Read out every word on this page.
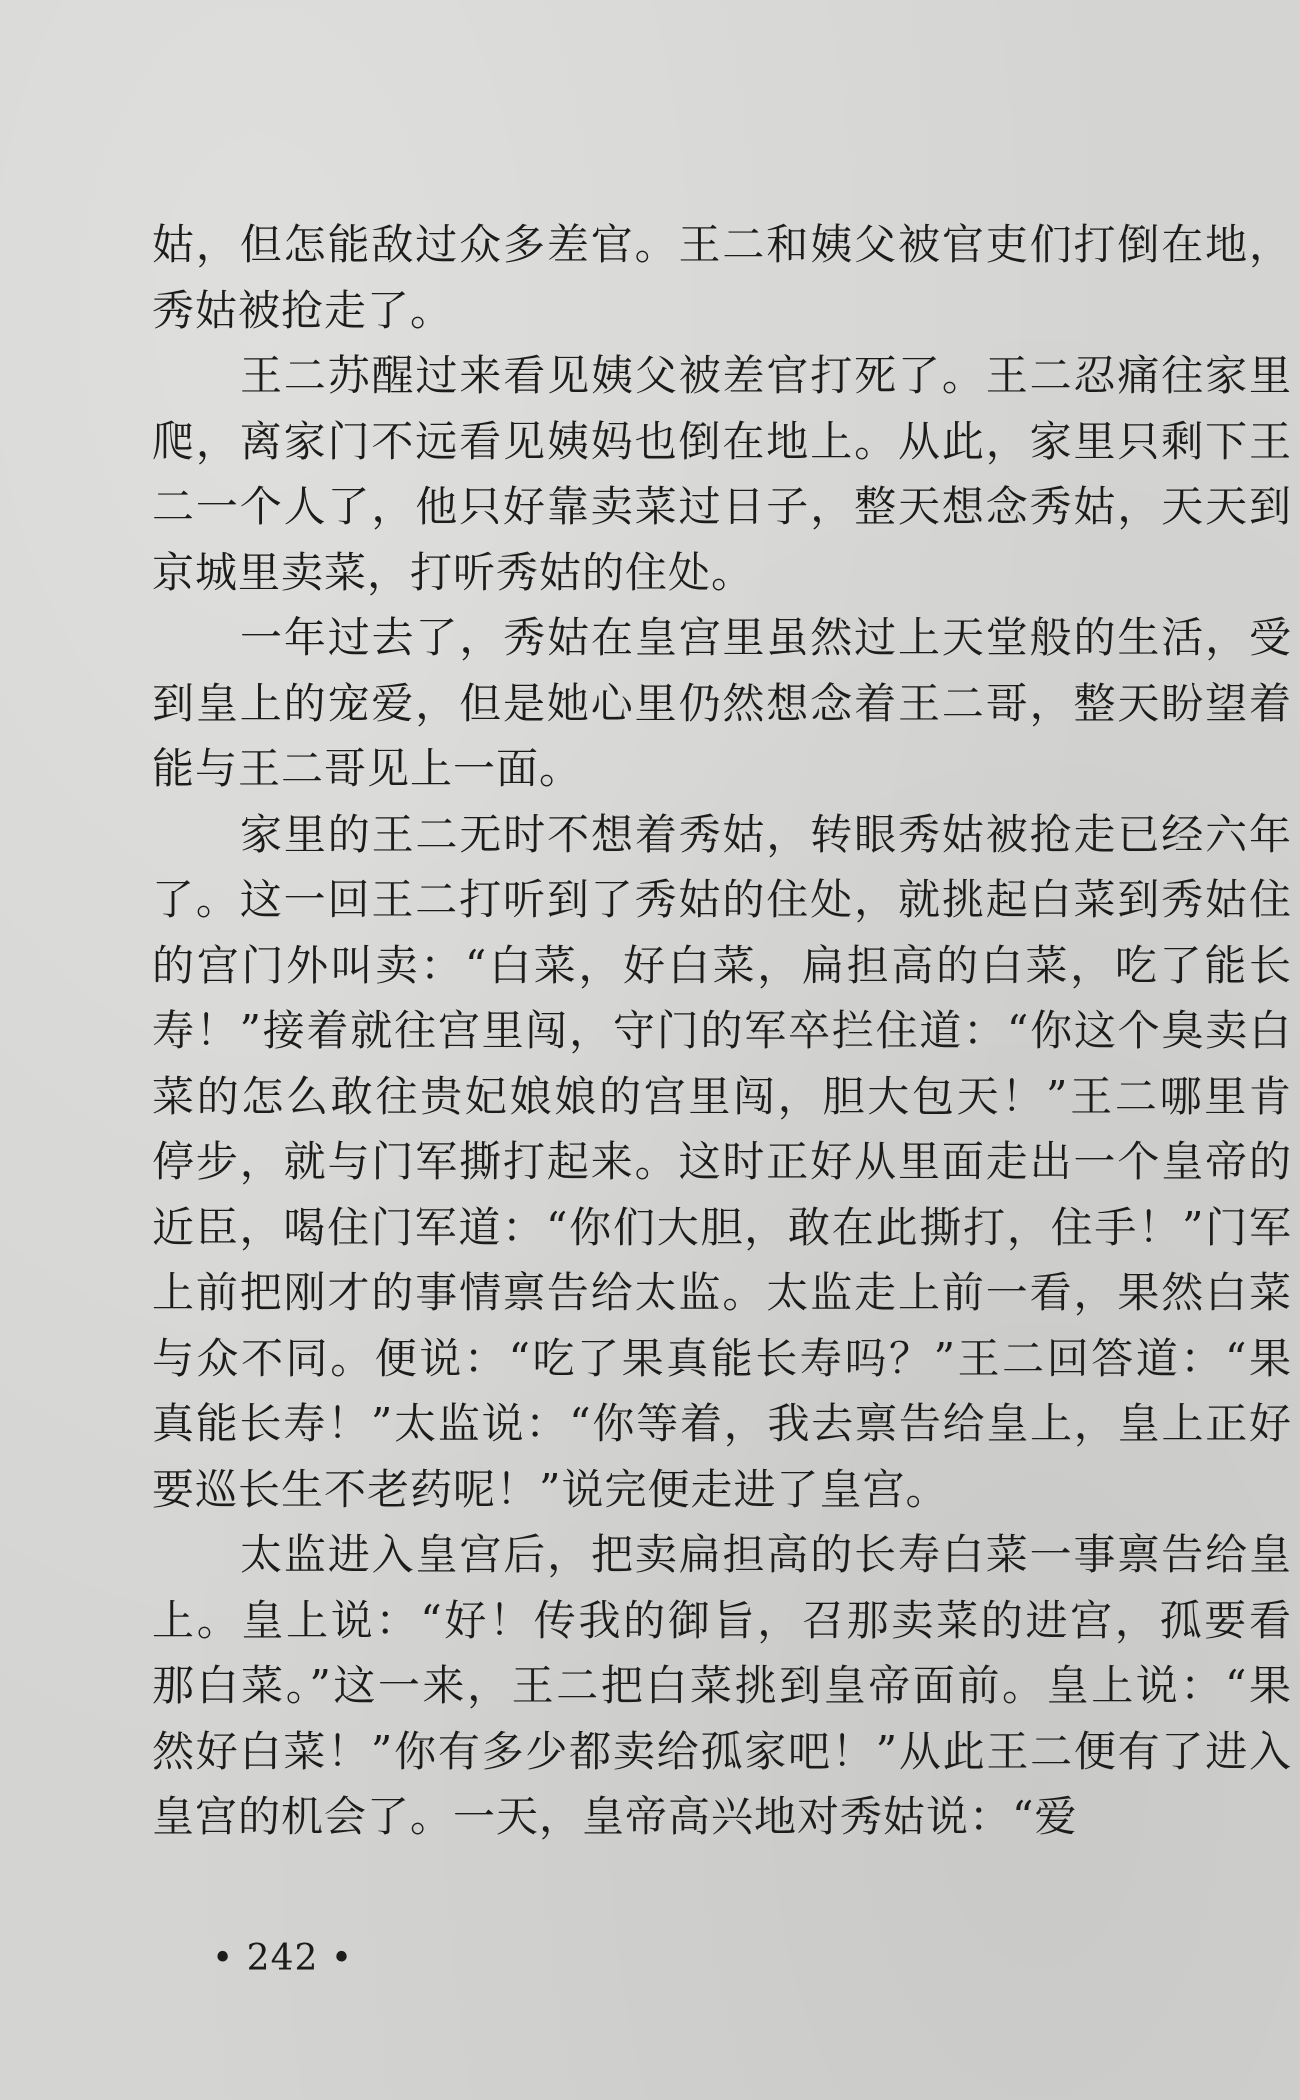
姑，但怎能敌过众多差官。王二和姨父被官吏们打倒在地，秀姑被抢走了。

王二苏醒过来看见姨父被差官打死了。王二忍痛往家里爬，离家门不远看见姨妈也倒在地上。从此，家里只剩下王二一个人了，他只好靠卖菜过日子，整天想念秀姑，天天到京城里卖菜，打听秀姑的住处。

一年过去了，秀姑在皇宫里虽然过上天堂般的生活，受到皇上的宠爱，但是她心里仍然想念着王二哥，整天盼望着能与王二哥见上一面。

家里的王二无时不想着秀姑，转眼秀姑被抢走已经六年了。这一回王二打听到了秀姑的住处，就挑起白菜到秀姑住的宫门外叫卖：“白菜，好白菜，扁担高的白菜，吃了能长寿！”接着就往宫里闯，守门的军卒拦住道：“你这个臭卖白菜的怎么敢往贵妃娘娘的宫里闯，胆大包天！”王二哪里肯停步，就与门军撕打起来。这时正好从里面走出一个皇帝的近臣，喝住门军道：“你们大胆，敢在此撕打，住手！”门军上前把刚才的事情禀告给太监。太监走上前一看，果然白菜与众不同。便说：“吃了果真能长寿吗？”王二回答道：“果真能长寿！”太监说：“你等着，我去禀告给皇上，皇上正好要巡长生不老药呢！”说完便走进了皇宫。

太监进入皇宫后，把卖扁担高的长寿白菜一事禀告给皇上。皇上说：“好！传我的御旨，召那卖菜的进宫，孤要看那白菜。”这一来，王二把白菜挑到皇帝面前。皇上说：“果然好白菜！”你有多少都卖给孤家吧！”从此王二便有了进入皇宫的机会了。一天，皇帝高兴地对秀姑说：“爱

• 242 •
